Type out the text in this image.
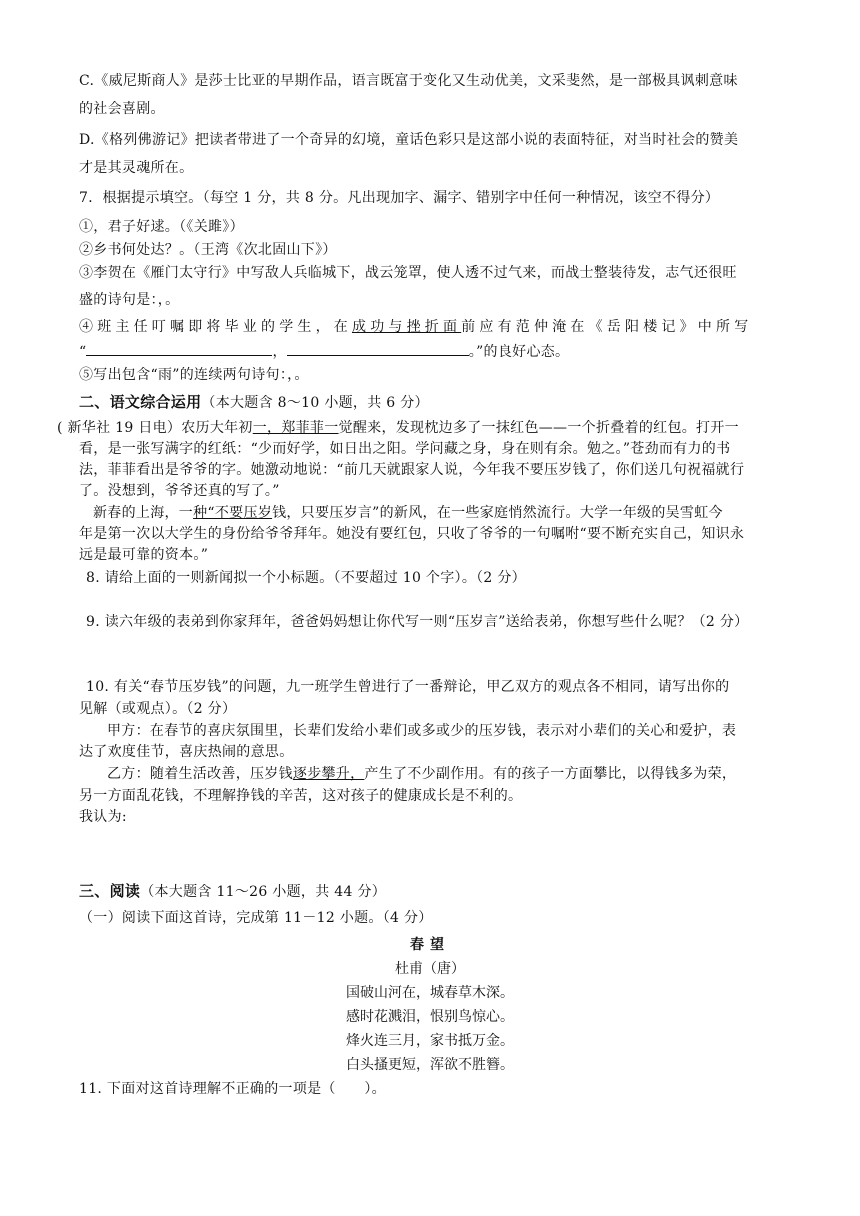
C.《威尼斯商人》是莎士比亚的早期作品，语言既富于变化又生动优美，文采斐然，是一部极具讽刺意味
的社会喜剧。
D.《格列佛游记》把读者带进了一个奇异的幻境，童话色彩只是这部小说的表面特征，对当时社会的赞美
才是其灵魂所在。
7．根据提示填空。（每空 1 分，共 8 分。凡出现加字、漏字、错别字中任何一种情况，该空不得分）
①，君子好逑。（《关雎》）
②乡书何处达？。（王湾《次北固山下》）
③李贺在《雁门太守行》中写敌人兵临城下，战云笼罩，使人透不过气来，而战士整装待发，志气还很旺
盛的诗句是：，。
④班主任叮嘱即将毕业的学生，在成功与挫折面前应有范仲淹在《岳阳楼记》中所写
“	，	。”的良好心态。
⑤写出包含“雨”的连续两句诗句：，。
二、语文综合运用（本大题含 8～10 小题，共 6 分）
( 新华社 19 日电）农历大年初一，郑菲菲一觉醒来，发现枕边多了一抹红色——一个折叠着的红包。打开一
看，是一张写满字的红纸：“少而好学，如日出之阳。学问藏之身，身在则有余。勉之。”苍劲而有力的书
法，菲菲看出是爷爷的字。她激动地说：“前几天就跟家人说，今年我不要压岁钱了，你们送几句祝福就行
了。没想到，爷爷还真的写了。”
新春的上海，一种“不要压岁钱，只要压岁言”的新风，在一些家庭悄然流行。大学一年级的吴雪虹今
年是第一次以大学生的身份给爷爷拜年。她没有要红包，只收了爷爷的一句嘱咐“要不断充实自己，知识永
远是最可靠的资本。”
8. 请给上面的一则新闻拟一个小标题。（不要超过 10 个字）。（2 分）
9. 读六年级的表弟到你家拜年，爸爸妈妈想让你代写一则“压岁言”送给表弟，你想写些什么呢？（2 分）
10. 有关“春节压岁钱”的问题，九一班学生曾进行了一番辩论，甲乙双方的观点各不相同，请写出你的
见解（或观点）。（2 分）
甲方：在春节的喜庆氛围里，长辈们发给小辈们或多或少的压岁钱，表示对小辈们的关心和爱护，表
达了欢度佳节，喜庆热闹的意思。
乙方：随着生活改善，压岁钱逐步攀升，产生了不少副作用。有的孩子一方面攀比，以得钱多为荣，
另一方面乱花钱，不理解挣钱的辛苦，这对孩子的健康成长是不利的。
我认为:
三、阅读（本大题含 11～26 小题，共 44 分）
（一）阅读下面这首诗，完成第 11－12 小题。（4 分）
春望
杜甫（唐）
国破山河在，城春草木深。
感时花溅泪，恨别鸟惊心。
烽火连三月，家书抵万金。
白头搔更短，浑欲不胜簪。
11. 下面对这首诗理解不正确的一项是（　　）。
